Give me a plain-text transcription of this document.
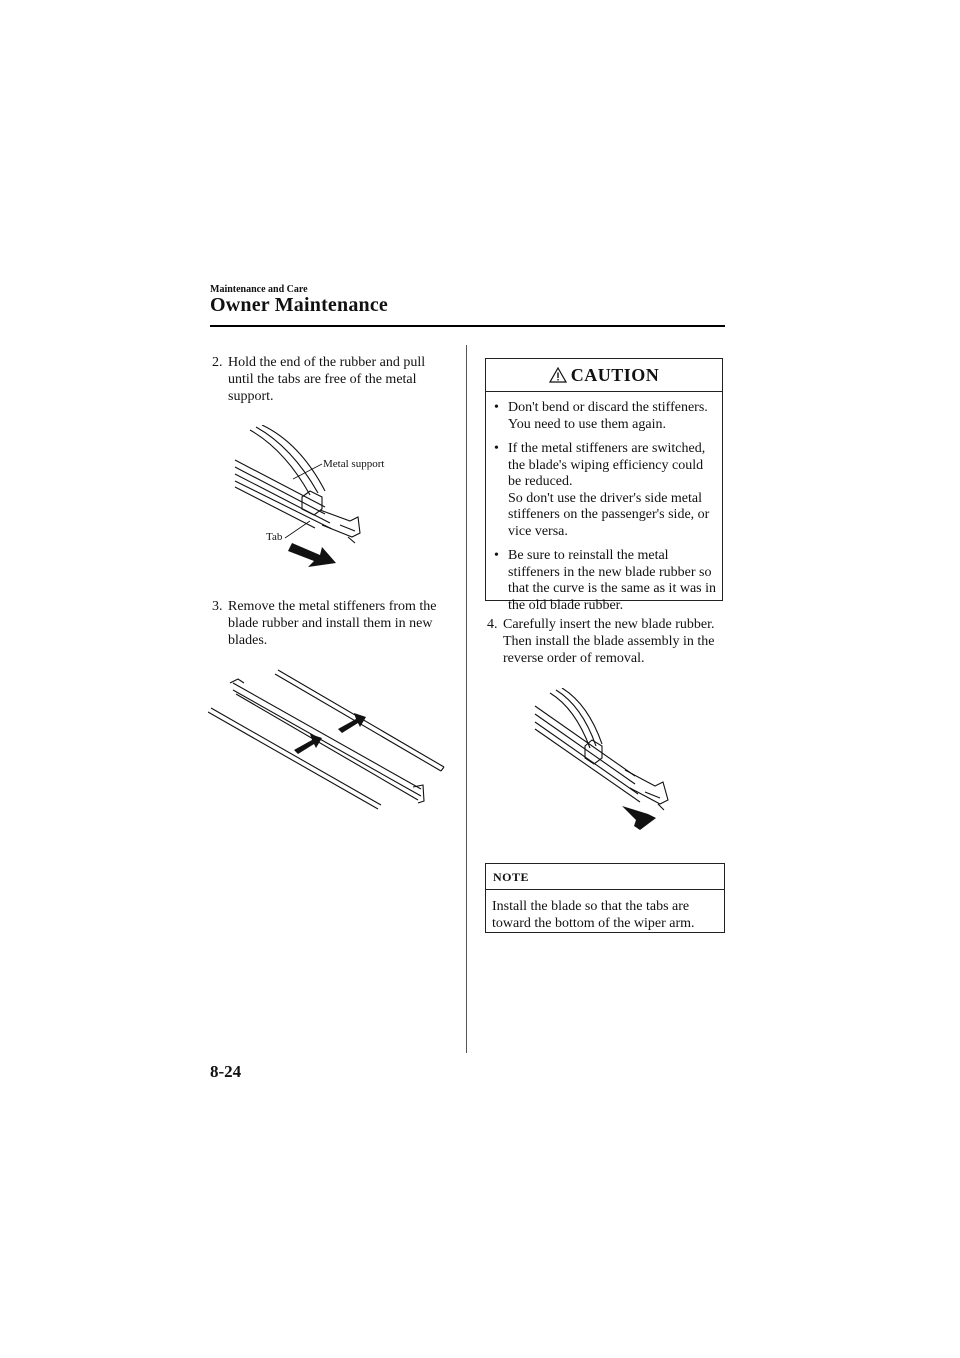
Maintenance and Care
Owner Maintenance
2. Hold the end of the rubber and pull until the tabs are free of the metal support.
Metal support
Tab
3. Remove the metal stiffeners from the blade rubber and install them in new blades.
CAUTION
• Don't bend or discard the stiffeners. You need to use them again.
• If the metal stiffeners are switched, the blade's wiping efficiency could be reduced.
So don't use the driver's side metal stiffeners on the passenger's side, or vice versa.
• Be sure to reinstall the metal stiffeners in the new blade rubber so that the curve is the same as it was in the old blade rubber.
4. Carefully insert the new blade rubber. Then install the blade assembly in the reverse order of removal.
NOTE
Install the blade so that the tabs are toward the bottom of the wiper arm.
8-24
